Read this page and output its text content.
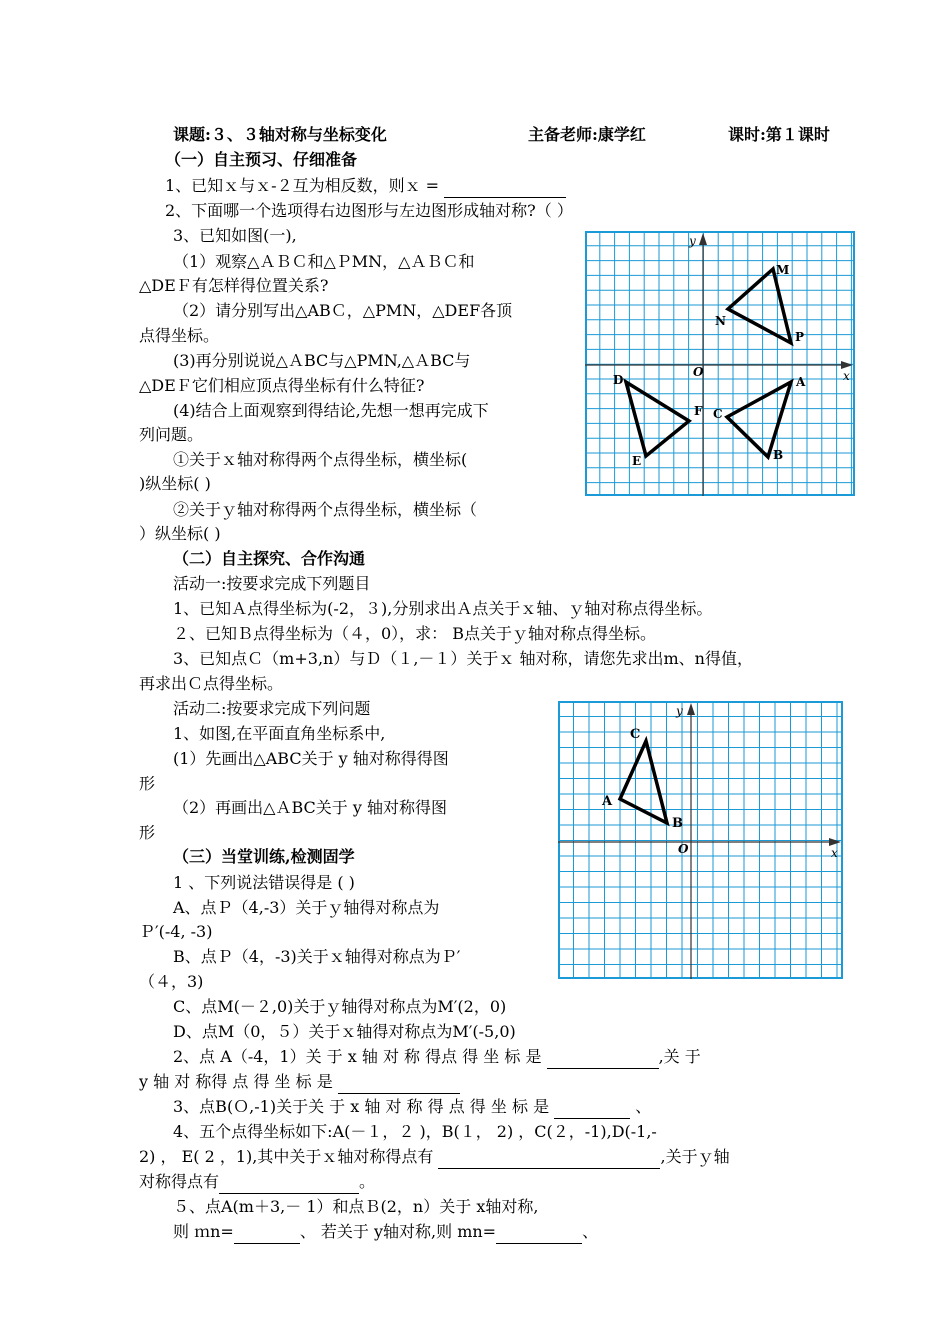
课题:３、３轴对称与坐标变化	主备老师:康学红	课时:第１课时
（一）自主预习、仔细准备
1、已知ｘ与ｘ-２互为相反数，则ｘ =
2、下面哪一个选项得右边图形与左边图形成轴对称?（ ）
3、已知如图(一),
（1）观察△ＡＢＣ和△ＰMN，△ＡＢＣ和
△DEＦ有怎样得位置关系?
（2）请分别写出△ABＣ，△PMN，△DEF各顶
点得坐标。
(3)再分别说说△ＡBC与△PMN,△ＡBC与
△DEＦ它们相应顶点得坐标有什么特征?
(4)结合上面观察到得结论,先想一想再完成下
列问题。
①关于ｘ轴对称得两个点得坐标，横坐标(
)纵坐标( )
②关于ｙ轴对称得两个点得坐标，横坐标（
）纵坐标( )
x
y
O
M
N
P
A
B
C
D
E
F
（二）自主探究、合作沟通
活动一:按要求完成下列题目
1、已知Ａ点得坐标为(-2，３),分别求出Ａ点关于ｘ轴、ｙ轴对称点得坐标。
２、已知Ｂ点得坐标为（４，0），求： B点关于ｙ轴对称点得坐标。
3、已知点Ｃ（m+3,n）与Ｄ（１,－１）关于ｘ 轴对称，请您先求出m、n得值，
再求出Ｃ点得坐标。
活动二:按要求完成下列问题
1、如图,在平面直角坐标系中,
(1）先画出△ABC关于 y 轴对称得得图
形
（2）再画出△ＡBC关于 y 轴对称得图
形
x
y
O
A
B
C
（三）当堂训练,检测固学
1 、下列说法错误得是 ( )
A、点Ｐ（4,-3）关于ｙ轴得对称点为
Ｐ′(-4, -3)
B、点Ｐ（4，-3)关于ｘ轴得对称点为Ｐ′
（４，3)
C、点M(－２,0)关于ｙ轴得对称点为M′(2，0)
D、点M（0，５）关于ｘ轴得对称点为M′(-5,0)
2、点 A（-4，1）关 于 x 轴 对 称 得点 得 坐 标 是	,关 于
y 轴 对 称得 点 得 坐 标 是
3、点B(Ｏ,-1)关于关 于 x 轴 对 称 得 点 得 坐 标 是	、
4、五个点得坐标如下:A(－１，２ )，B(１， 2) ，C(２，-1),D(-1,-
2) ， E( 2 ，1),其中关于ｘ轴对称得点有	,关于ｙ轴
对称得点有	。
５、点A(m＋3,－ 1）和点Ｂ(2，n）关于 x轴对称,
则 ｍn=	、 若关于 y轴对称,则 mn=	、
